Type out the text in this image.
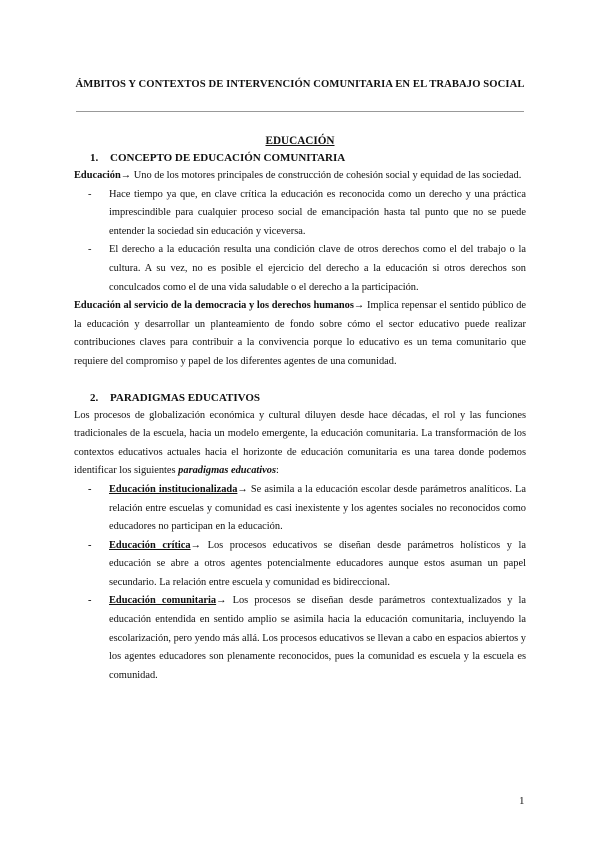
ÁMBITOS Y CONTEXTOS DE INTERVENCIÓN COMUNITARIA EN EL TRABAJO SOCIAL
EDUCACIÓN
1. CONCEPTO DE EDUCACIÓN COMUNITARIA

Educación→ Uno de los motores principales de construcción de cohesión social y equidad de las sociedad.

- Hace tiempo ya que, en clave crítica la educación es reconocida como un derecho y una práctica imprescindible para cualquier proceso social de emancipación hasta tal punto que no se puede entender la sociedad sin educación y viceversa.
- El derecho a la educación resulta una condición clave de otros derechos como el del trabajo o la cultura. A su vez, no es posible el ejercicio del derecho a la educación si otros derechos son conculcados como el de una vida saludable o el derecho a la participación.

Educación al servicio de la democracia y los derechos humanos→ Implica repensar el sentido público de la educación y desarrollar un planteamiento de fondo sobre cómo el sector educativo puede realizar contribuciones claves para contribuir a la convivencia porque lo educativo es un tema comunitario que requiere del compromiso y papel de los diferentes agentes de una comunidad.

2. PARADIGMAS EDUCATIVOS

Los procesos de globalización económica y cultural diluyen desde hace décadas, el rol y las funciones tradicionales de la escuela, hacia un modelo emergente, la educación comunitaria. La transformación de los contextos educativos actuales hacia el horizonte de educación comunitaria es una tarea donde podemos identificar los siguientes paradigmas educativos:

- Educación institucionalizada→ Se asimila a la educación escolar desde parámetros analíticos. La relación entre escuelas y comunidad es casi inexistente y los agentes sociales no reconocidos como educadores no participan en la educación.
- Educación crítica→ Los procesos educativos se diseñan desde parámetros holísticos y la educación se abre a otros agentes potencialmente educadores aunque estos asuman un papel secundario. La relación entre escuela y comunidad es bidireccional.
- Educación comunitaria→ Los procesos se diseñan desde parámetros contextualizados y la educación entendida en sentido amplio se asimila hacia la educación comunitaria, incluyendo la escolarización, pero yendo más allá. Los procesos educativos se llevan a cabo en espacios abiertos y los agentes educadores son plenamente reconocidos, pues la comunidad es escuela y la escuela es comunidad.
1
